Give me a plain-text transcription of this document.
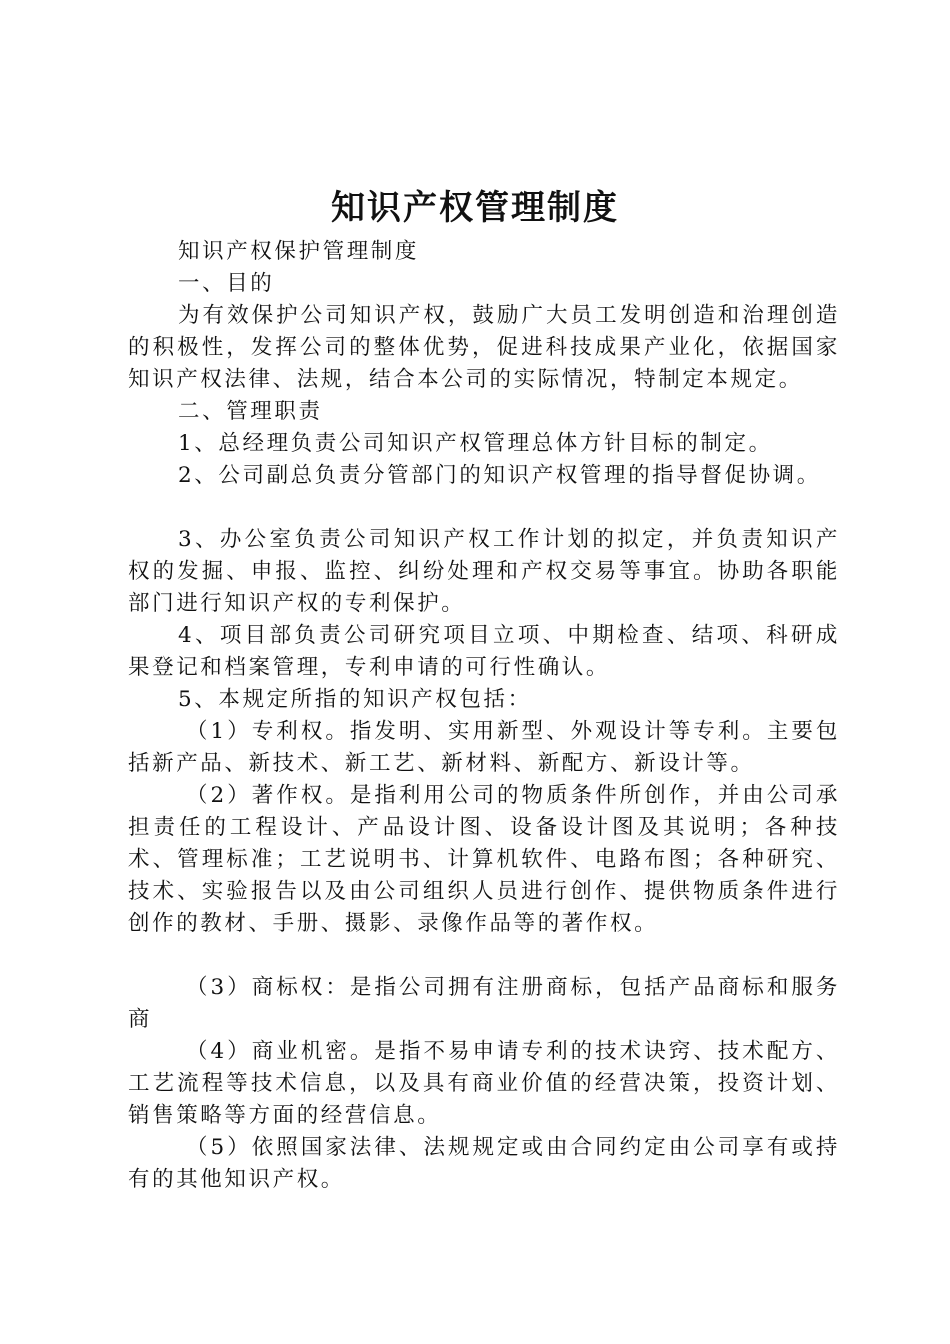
知识产权管理制度

知识产权保护管理制度

一、目的

为有效保护公司知识产权，鼓励广大员工发明创造和治理创造的积极性，发挥公司的整体优势，促进科技成果产业化，依据国家知识产权法律、法规，结合本公司的实际情况，特制定本规定。

二、管理职责

1、总经理负责公司知识产权管理总体方针目标的制定。

2、公司副总负责分管部门的知识产权管理的指导督促协调。

3、办公室负责公司知识产权工作计划的拟定，并负责知识产权的发掘、申报、监控、纠纷处理和产权交易等事宜。协助各职能部门进行知识产权的专利保护。

4、项目部负责公司研究项目立项、中期检查、结项、科研成果登记和档案管理，专利申请的可行性确认。

5、本规定所指的知识产权包括：

（1）专利权。指发明、实用新型、外观设计等专利。主要包括新产品、新技术、新工艺、新材料、新配方、新设计等。

（2）著作权。是指利用公司的物质条件所创作，并由公司承担责任的工程设计、产品设计图、设备设计图及其说明；各种技术、管理标准；工艺说明书、计算机软件、电路布图；各种研究、技术、实验报告以及由公司组织人员进行创作、提供物质条件进行创作的教材、手册、摄影、录像作品等的著作权。

（3）商标权：是指公司拥有注册商标，包括产品商标和服务商

（4）商业机密。是指不易申请专利的技术诀窍、技术配方、工艺流程等技术信息，以及具有商业价值的经营决策，投资计划、销售策略等方面的经营信息。

（5）依照国家法律、法规规定或由合同约定由公司享有或持有的其他知识产权。
